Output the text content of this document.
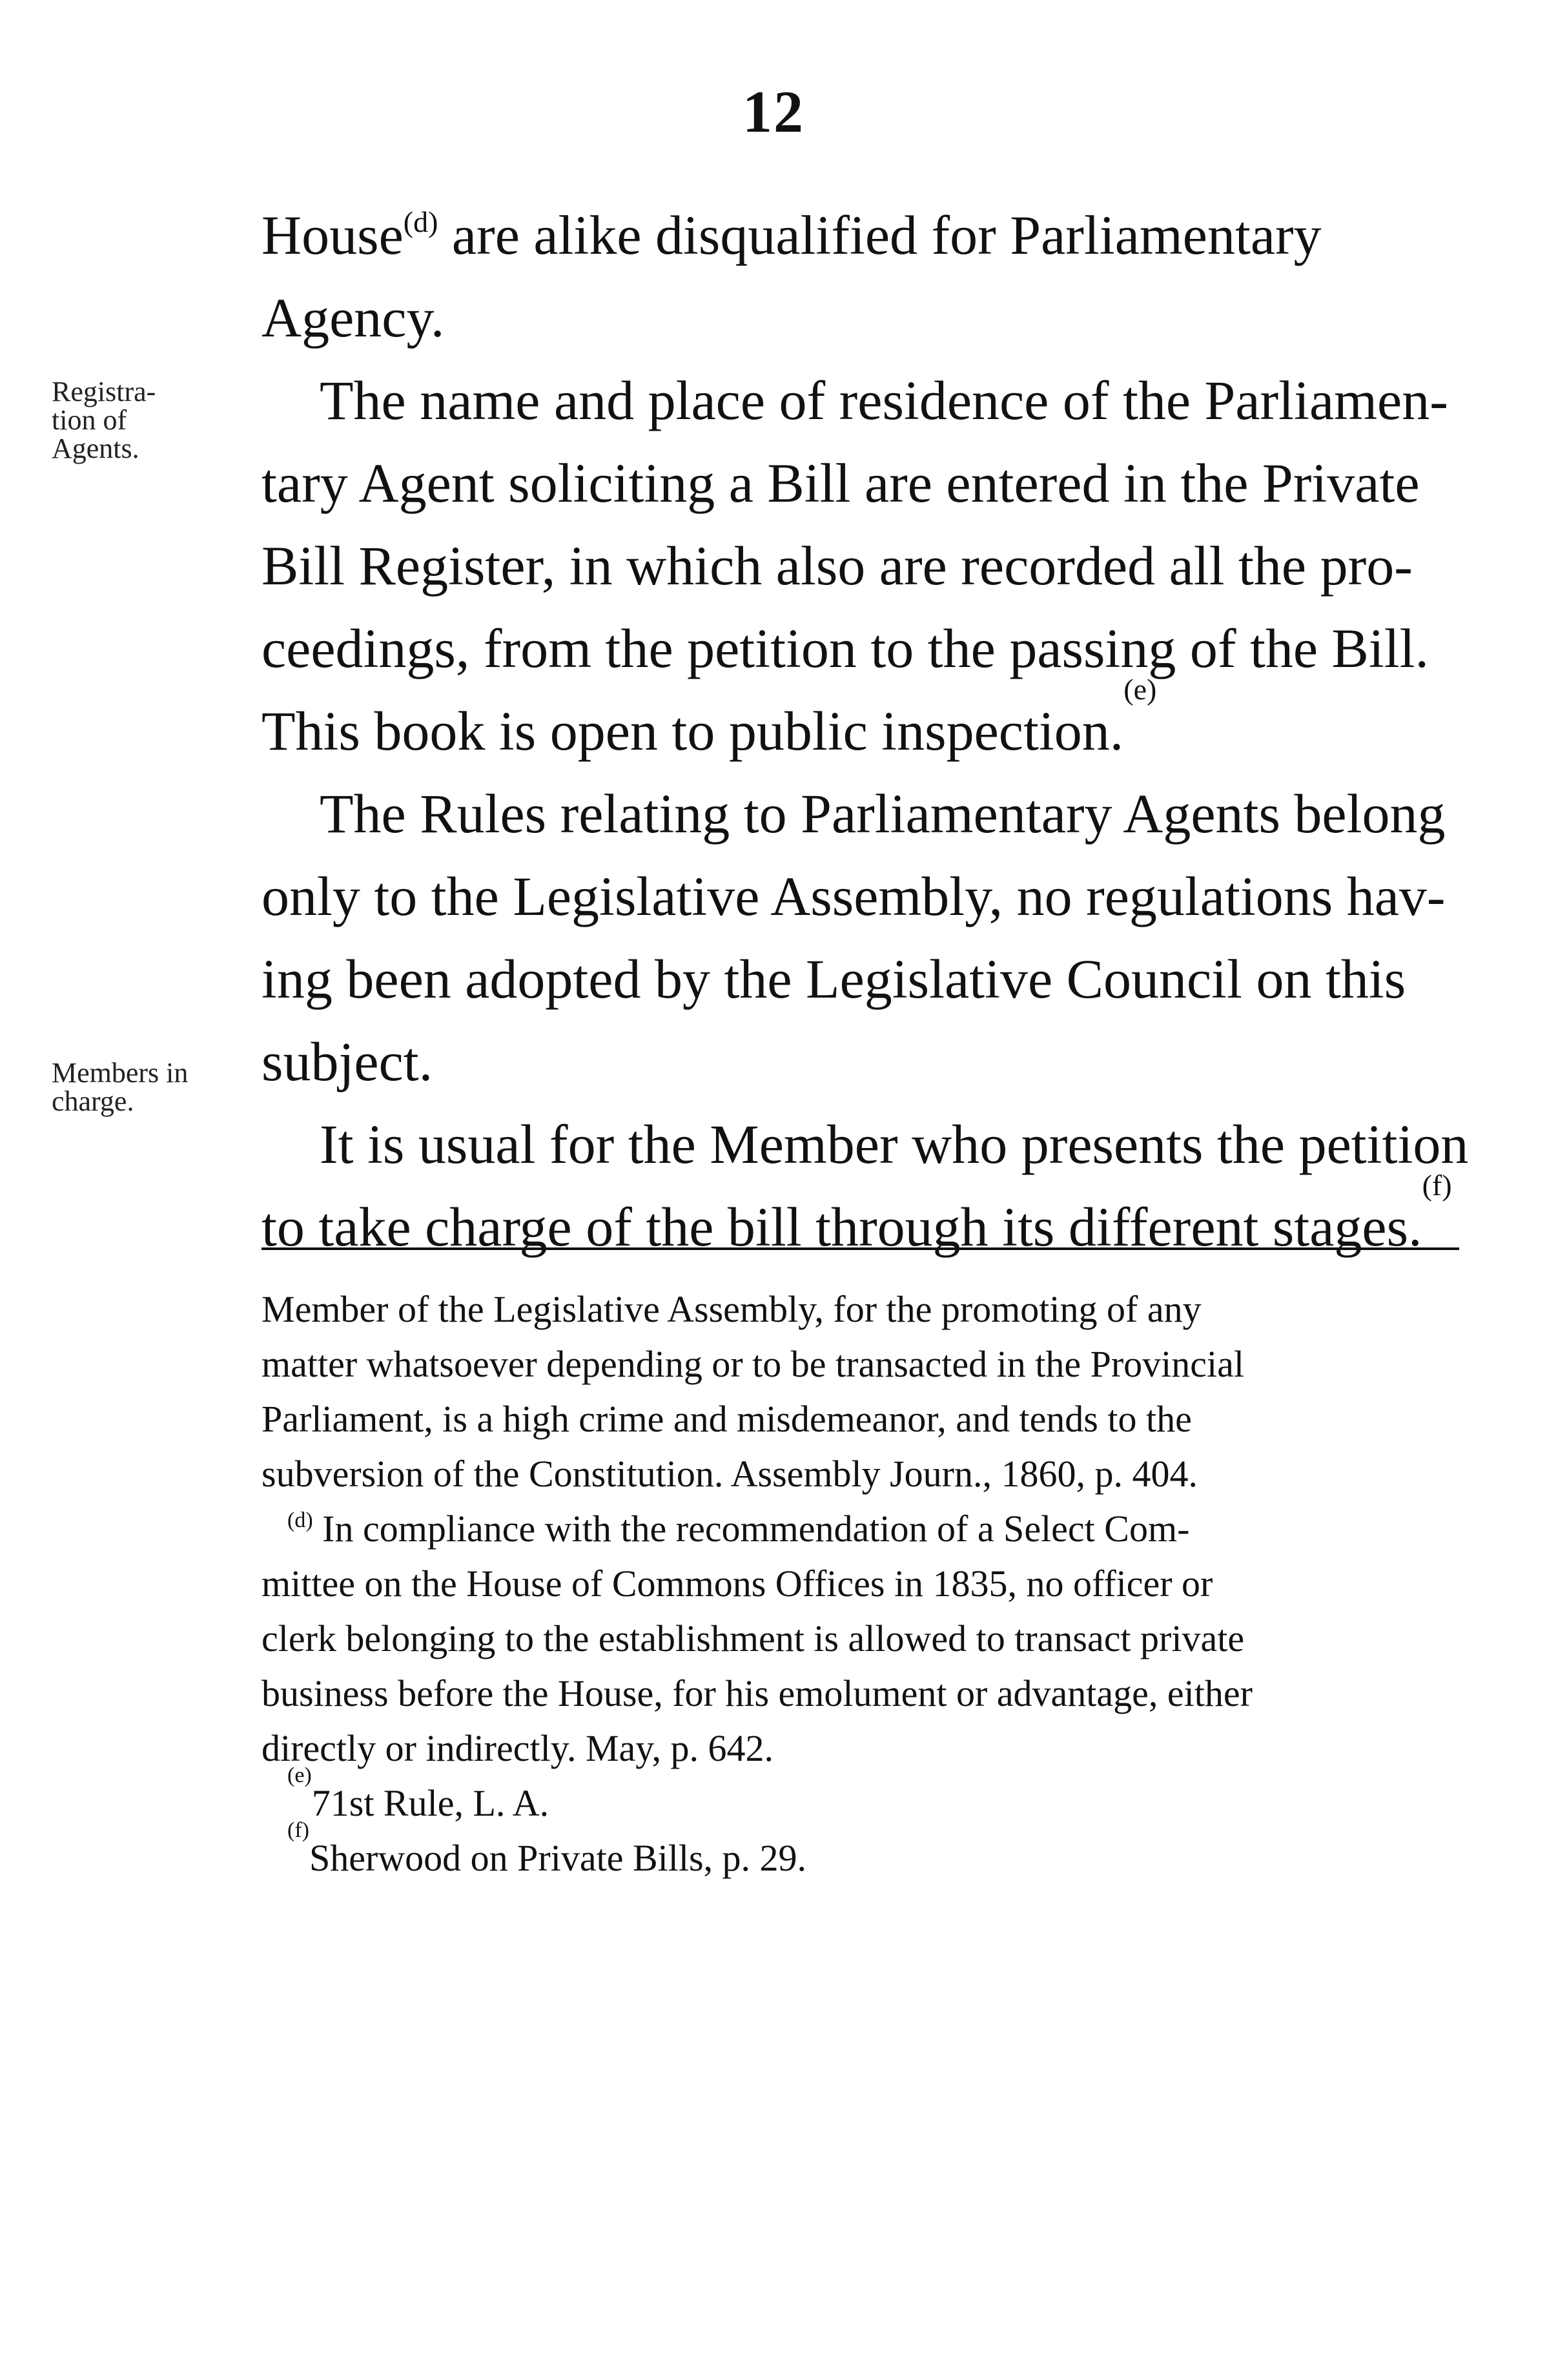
12
Registra-
tion of
Agents.
Members in
charge.
House$^{(d)}$ are alike disqualified for Parliamentary
Agency.
The name and place of residence of the Parliamen-
tary Agent soliciting a Bill are entered in the Private
Bill Register, in which also are recorded all the pro-
ceedings, from the petition to the passing of the Bill.
This book is open to public inspection.
(e)
The Rules relating to Parliamentary Agents belong
only to the Legislative Assembly, no regulations hav-
ing been adopted by the Legislative Council on this
subject.
It is usual for the Member who presents the petition
to take charge of the bill through its different stages.
(f)
Member of the Legislative Assembly, for the promoting of any
matter whatsoever depending or to be transacted in the Provincial
Parliament, is a high crime and misdemeanor, and tends to the
subversion of the Constitution. Assembly Journ., 1860, p. 404.
$^{(d)}$ In compliance with the recommendation of a Select Com-
mittee on the House of Commons Offices in 1835, no officer or
clerk belonging to the establishment is allowed to transact private
business before the House, for his emolument or advantage, either
directly or indirectly. May, p. 642.
(e)
71st Rule, L. A.
(f)
Sherwood on Private Bills, p. 29.
